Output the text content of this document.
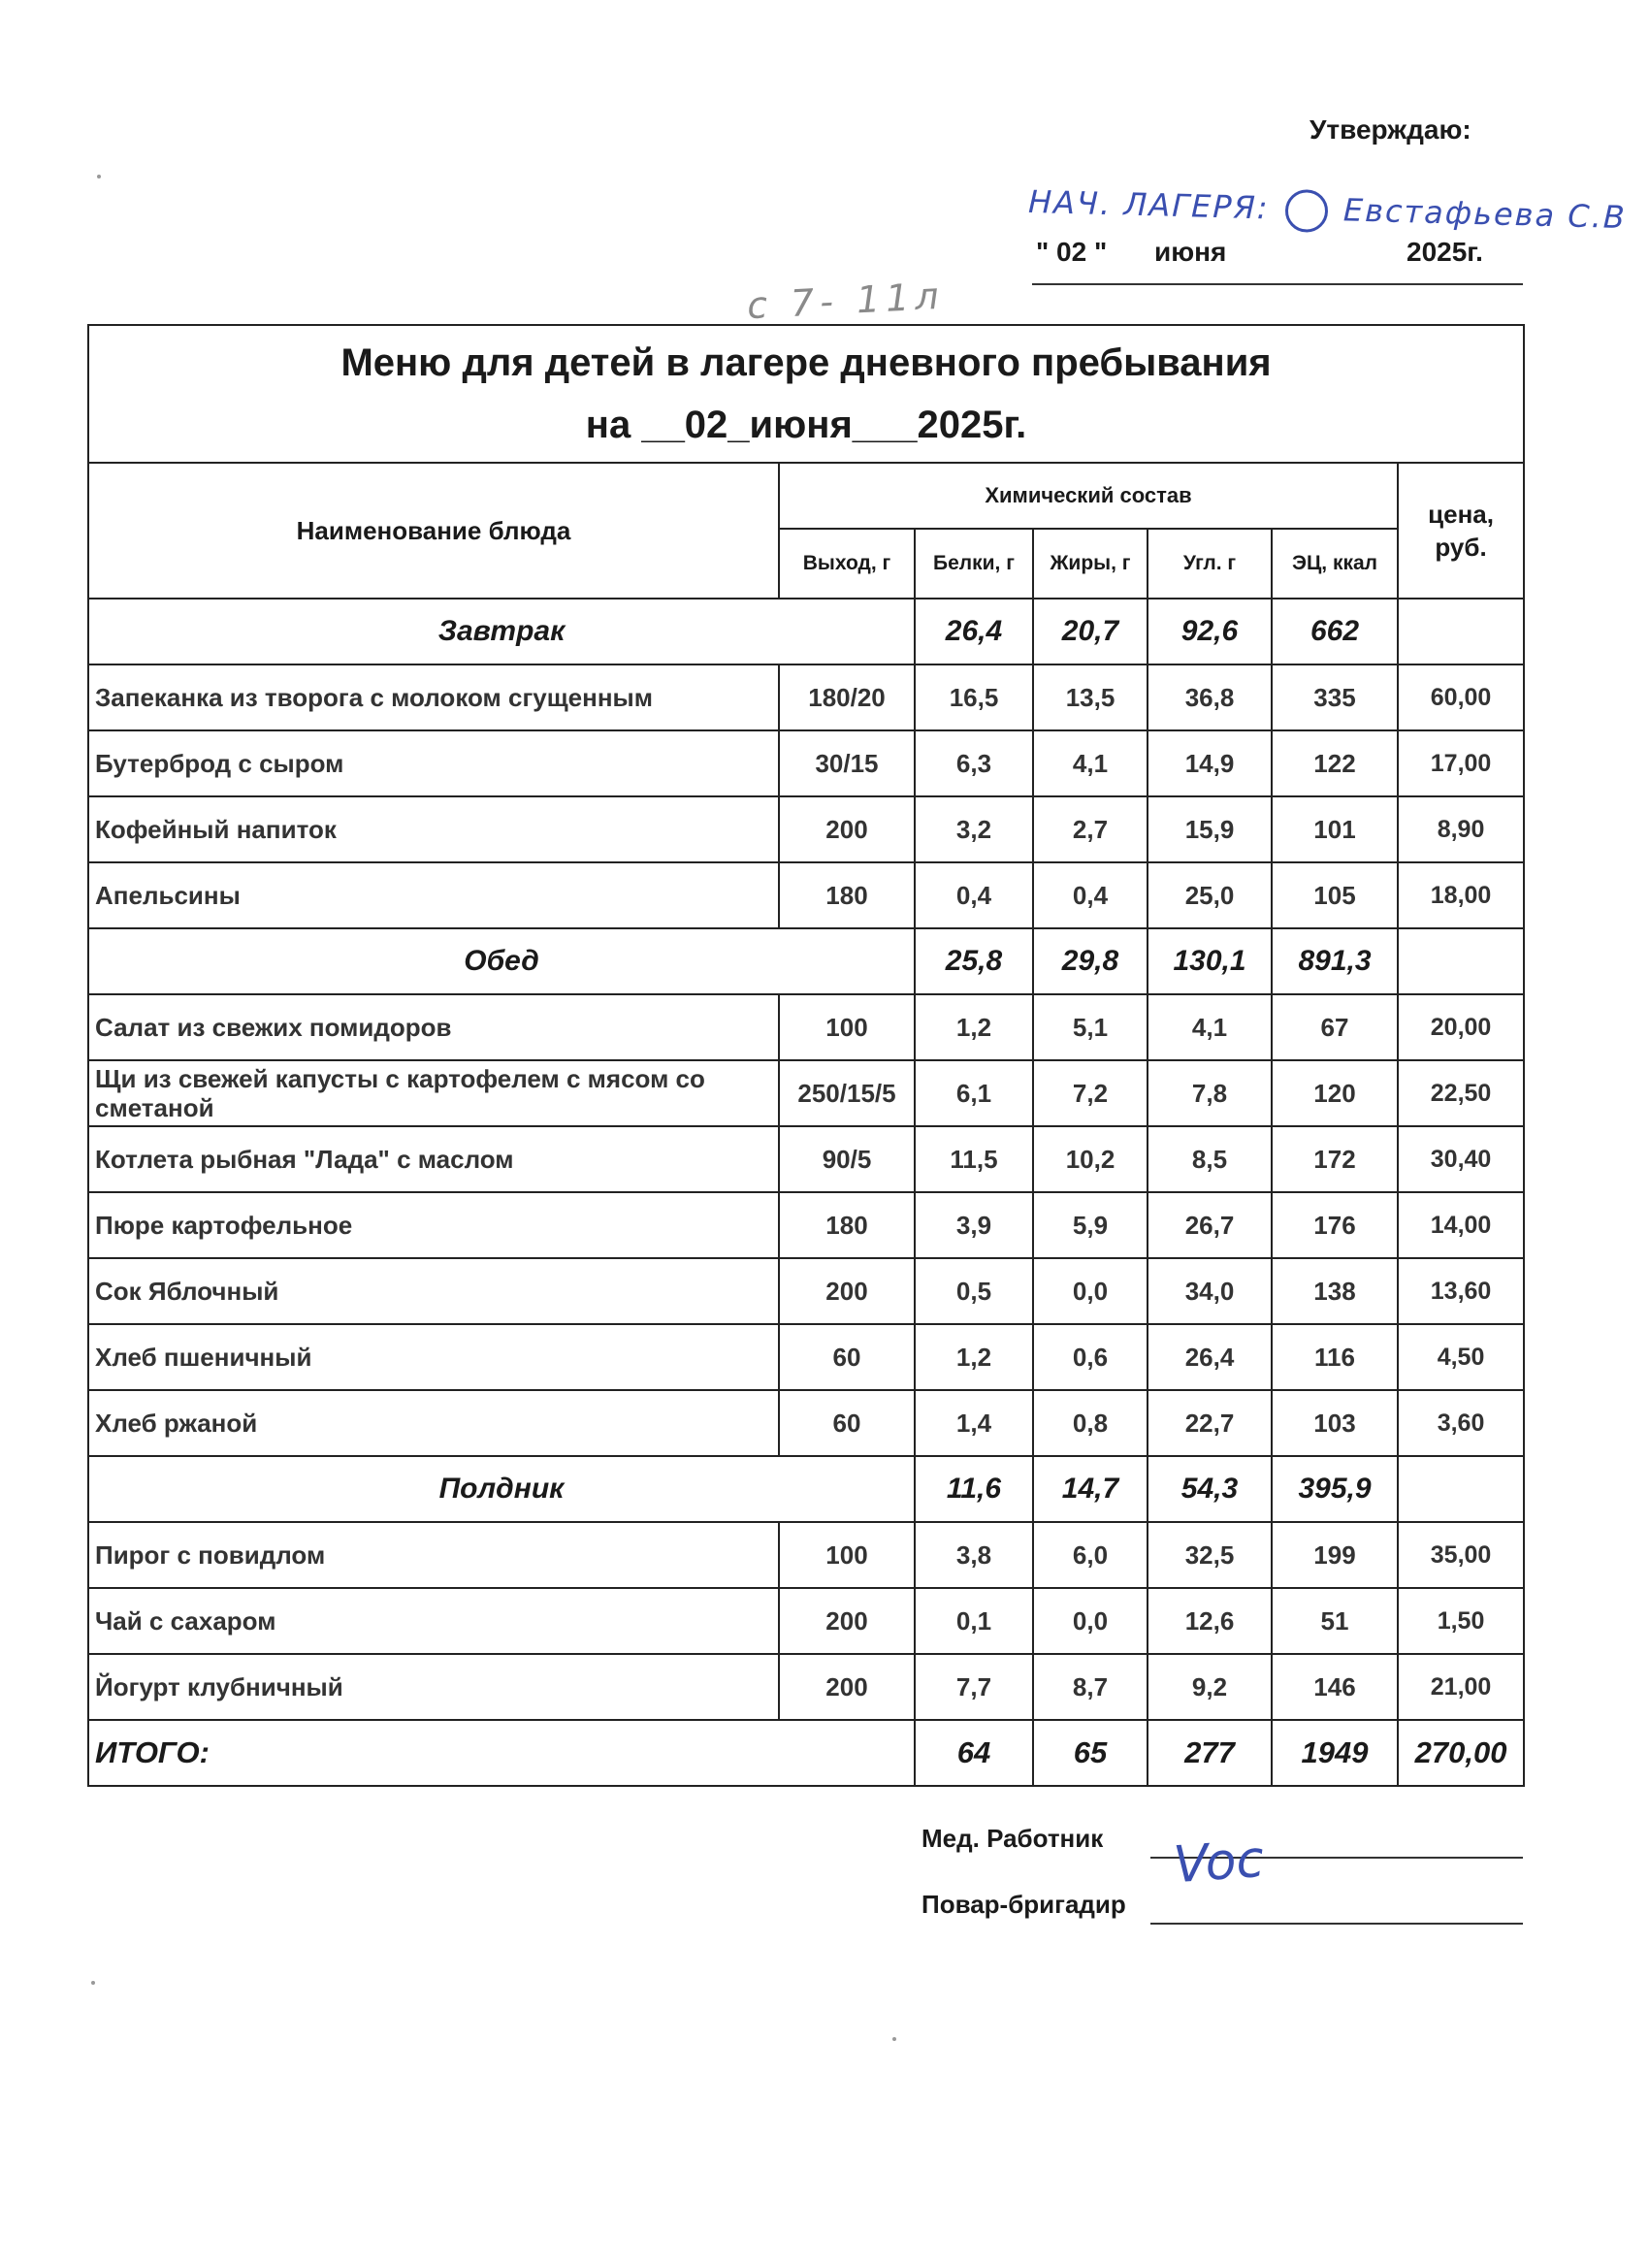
Утверждаю:
НАЧ. ЛАГЕРЯ: Евстафьева С.В
" 02 " июня	2025г.
с 7- 11л
Меню для детей в лагере дневного пребывания
на __02_июня___2025г.						

Наименование блюда	Химический состав					цена, руб.
	Выход, г	Белки, г	Жиры, г	Угл. г	ЭЦ, ккал	
Завтрак		26,4	20,7	92,6	662	
Запеканка из творога с молоком сгущенным	180/20	16,5	13,5	36,8	335	60,00
Бутерброд с сыром	30/15	6,3	4,1	14,9	122	17,00
Кофейный напиток	200	3,2	2,7	15,9	101	8,90
Апельсины	180	0,4	0,4	25,0	105	18,00
Обед		25,8	29,8	130,1	891,3	
Салат из свежих помидоров	100	1,2	5,1	4,1	67	20,00
Щи из свежей капусты с картофелем с мясом со сметаной	250/15/5	6,1	7,2	7,8	120	22,50
Котлета рыбная "Лада" с маслом	90/5	11,5	10,2	8,5	172	30,40
Пюре картофельное	180	3,9	5,9	26,7	176	14,00
Сок Яблочный	200	0,5	0,0	34,0	138	13,60
Хлеб пшеничный	60	1,2	0,6	26,4	116	4,50
Хлеб ржаной	60	1,4	0,8	22,7	103	3,60
Полдник		11,6	14,7	54,3	395,9	
Пирог с повидлом	100	3,8	6,0	32,5	199	35,00
Чай с сахаром	200	0,1	0,0	12,6	51	1,50
Йогурт клубничный	200	7,7	8,7	9,2	146	21,00
ИТОГО:		64	65	277	1949	270,00
Мед. Работник
Повар-бригадир
Voc
